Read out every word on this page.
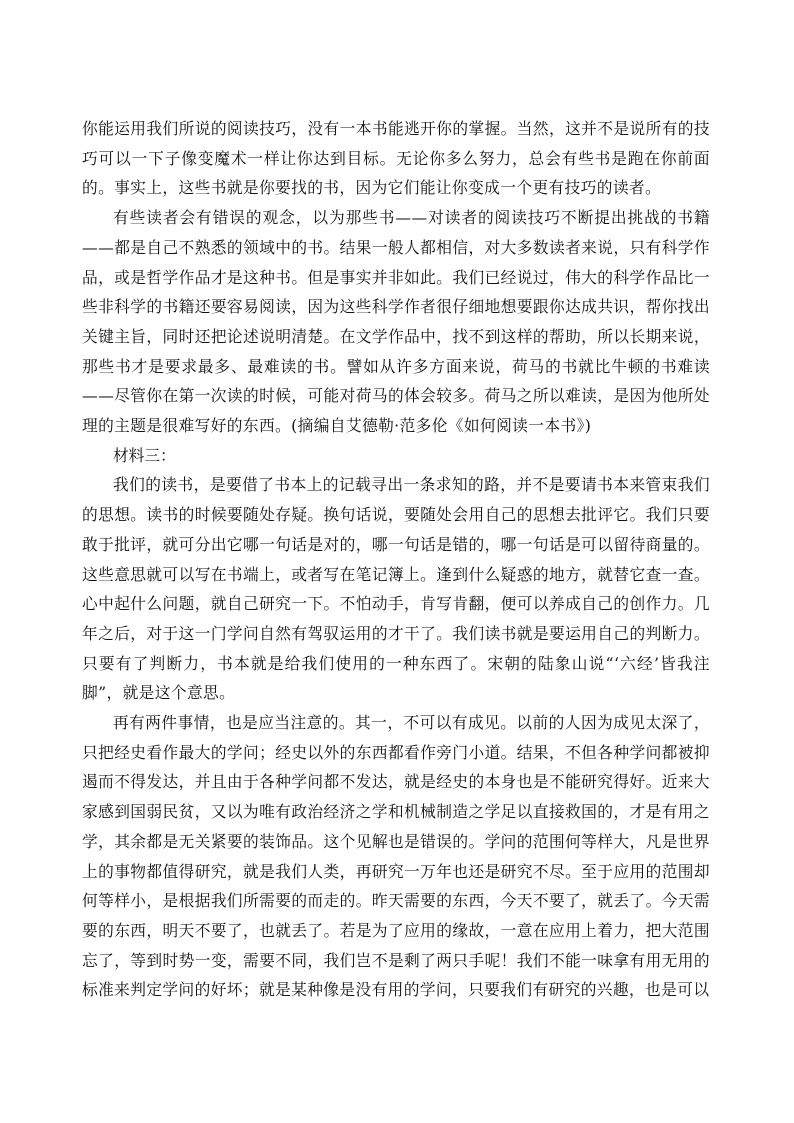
你能运用我们所说的阅读技巧，没有一本书能逃开你的掌握。当然，这并不是说所有的技巧可以一下子像变魔术一样让你达到目标。无论你多么努力，总会有些书是跑在你前面的。事实上，这些书就是你要找的书，因为它们能让你变成一个更有技巧的读者。

有些读者会有错误的观念，以为那些书——对读者的阅读技巧不断提出挑战的书籍——都是自己不熟悉的领域中的书。结果一般人都相信，对大多数读者来说，只有科学作品，或是哲学作品才是这种书。但是事实并非如此。我们已经说过，伟大的科学作品比一些非科学的书籍还要容易阅读，因为这些科学作者很仔细地想要跟你达成共识，帮你找出关键主旨，同时还把论述说明清楚。在文学作品中，找不到这样的帮助，所以长期来说，那些书才是要求最多、最难读的书。譬如从许多方面来说，荷马的书就比牛顿的书难读——尽管你在第一次读的时候，可能对荷马的体会较多。荷马之所以难读，是因为他所处理的主题是很难写好的东西。(摘编自艾德勒·范多伦《如何阅读一本书》)

材料三：

我们的读书，是要借了书本上的记载寻出一条求知的路，并不是要请书本来管束我们的思想。读书的时候要随处存疑。换句话说，要随处会用自己的思想去批评它。我们只要敢于批评，就可分出它哪一句话是对的，哪一句话是错的，哪一句话是可以留待商量的。这些意思就可以写在书端上，或者写在笔记簿上。逢到什么疑惑的地方，就替它查一查。心中起什么问题，就自己研究一下。不怕动手，肯写肯翻，便可以养成自己的创作力。几年之后，对于这一门学问自然有驾驭运用的才干了。我们读书就是要运用自己的判断力。只要有了判断力，书本就是给我们使用的一种东西了。宋朝的陆象山说“‘六经’皆我注脚”，就是这个意思。

再有两件事情，也是应当注意的。其一，不可以有成见。以前的人因为成见太深了，只把经史看作最大的学问；经史以外的东西都看作旁门小道。结果，不但各种学问都被抑遏而不得发达，并且由于各种学问都不发达，就是经史的本身也是不能研究得好。近来大家感到国弱民贫，又以为唯有政治经济之学和机械制造之学足以直接救国的，才是有用之学，其余都是无关紧要的装饰品。这个见解也是错误的。学问的范围何等样大，凡是世界上的事物都值得研究，就是我们人类，再研究一万年也还是研究不尽。至于应用的范围却何等样小，是根据我们所需要的而走的。昨天需要的东西，今天不要了，就丢了。今天需要的东西，明天不要了，也就丢了。若是为了应用的缘故，一意在应用上着力，把大范围忘了，等到时势一变，需要不同，我们岂不是剩了两只手呢！我们不能一味拿有用无用的标准来判定学问的好坏；就是某种像是没有用的学问，只要我们有研究的兴趣，也是可以
